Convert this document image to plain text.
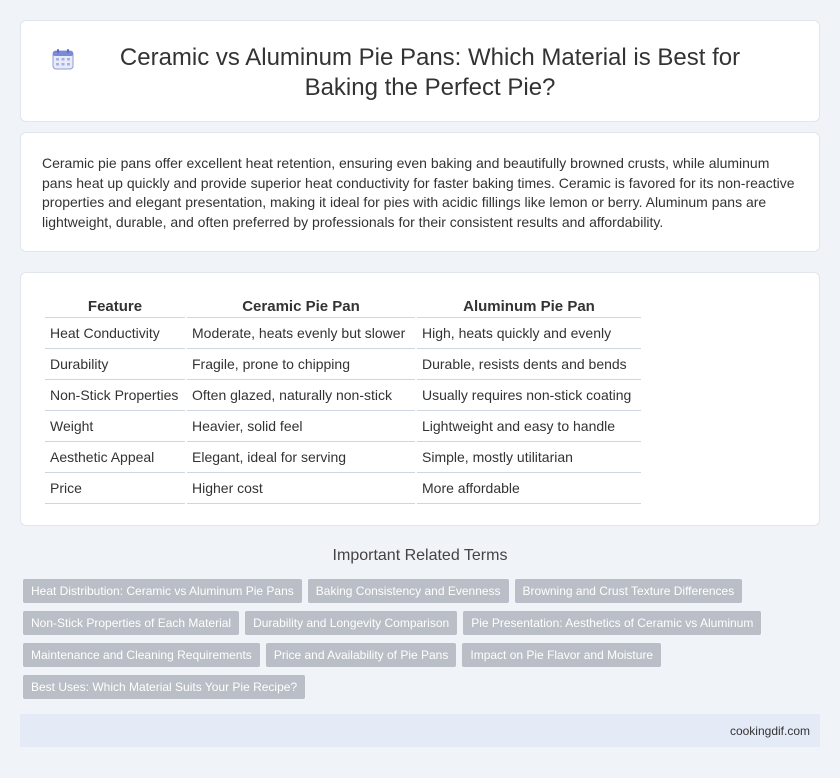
Ceramic vs Aluminum Pie Pans: Which Material is Best for Baking the Perfect Pie?

Ceramic pie pans offer excellent heat retention, ensuring even baking and beautifully browned crusts, while aluminum pans heat up quickly and provide superior heat conductivity for faster baking times. Ceramic is favored for its non-reactive properties and elegant presentation, making it ideal for pies with acidic fillings like lemon or berry. Aluminum pans are lightweight, durable, and often preferred by professionals for their consistent results and affordability.

Feature	Ceramic Pie Pan	Aluminum Pie Pan
Heat Conductivity	Moderate, heats evenly but slower	High, heats quickly and evenly
Durability	Fragile, prone to chipping	Durable, resists dents and bends
Non-Stick Properties	Often glazed, naturally non-stick	Usually requires non-stick coating
Weight	Heavier, solid feel	Lightweight and easy to handle
Aesthetic Appeal	Elegant, ideal for serving	Simple, mostly utilitarian
Price	Higher cost	More affordable
Important Related Terms
Heat Distribution: Ceramic vs Aluminum Pie Pans	Baking Consistency and Evenness	Browning and Crust Texture Differences
Non-Stick Properties of Each Material	Durability and Longevity Comparison	Pie Presentation: Aesthetics of Ceramic vs Aluminum
Maintenance and Cleaning Requirements	Price and Availability of Pie Pans	Impact on Pie Flavor and Moisture
Best Uses: Which Material Suits Your Pie Recipe?
cookingdif.com
